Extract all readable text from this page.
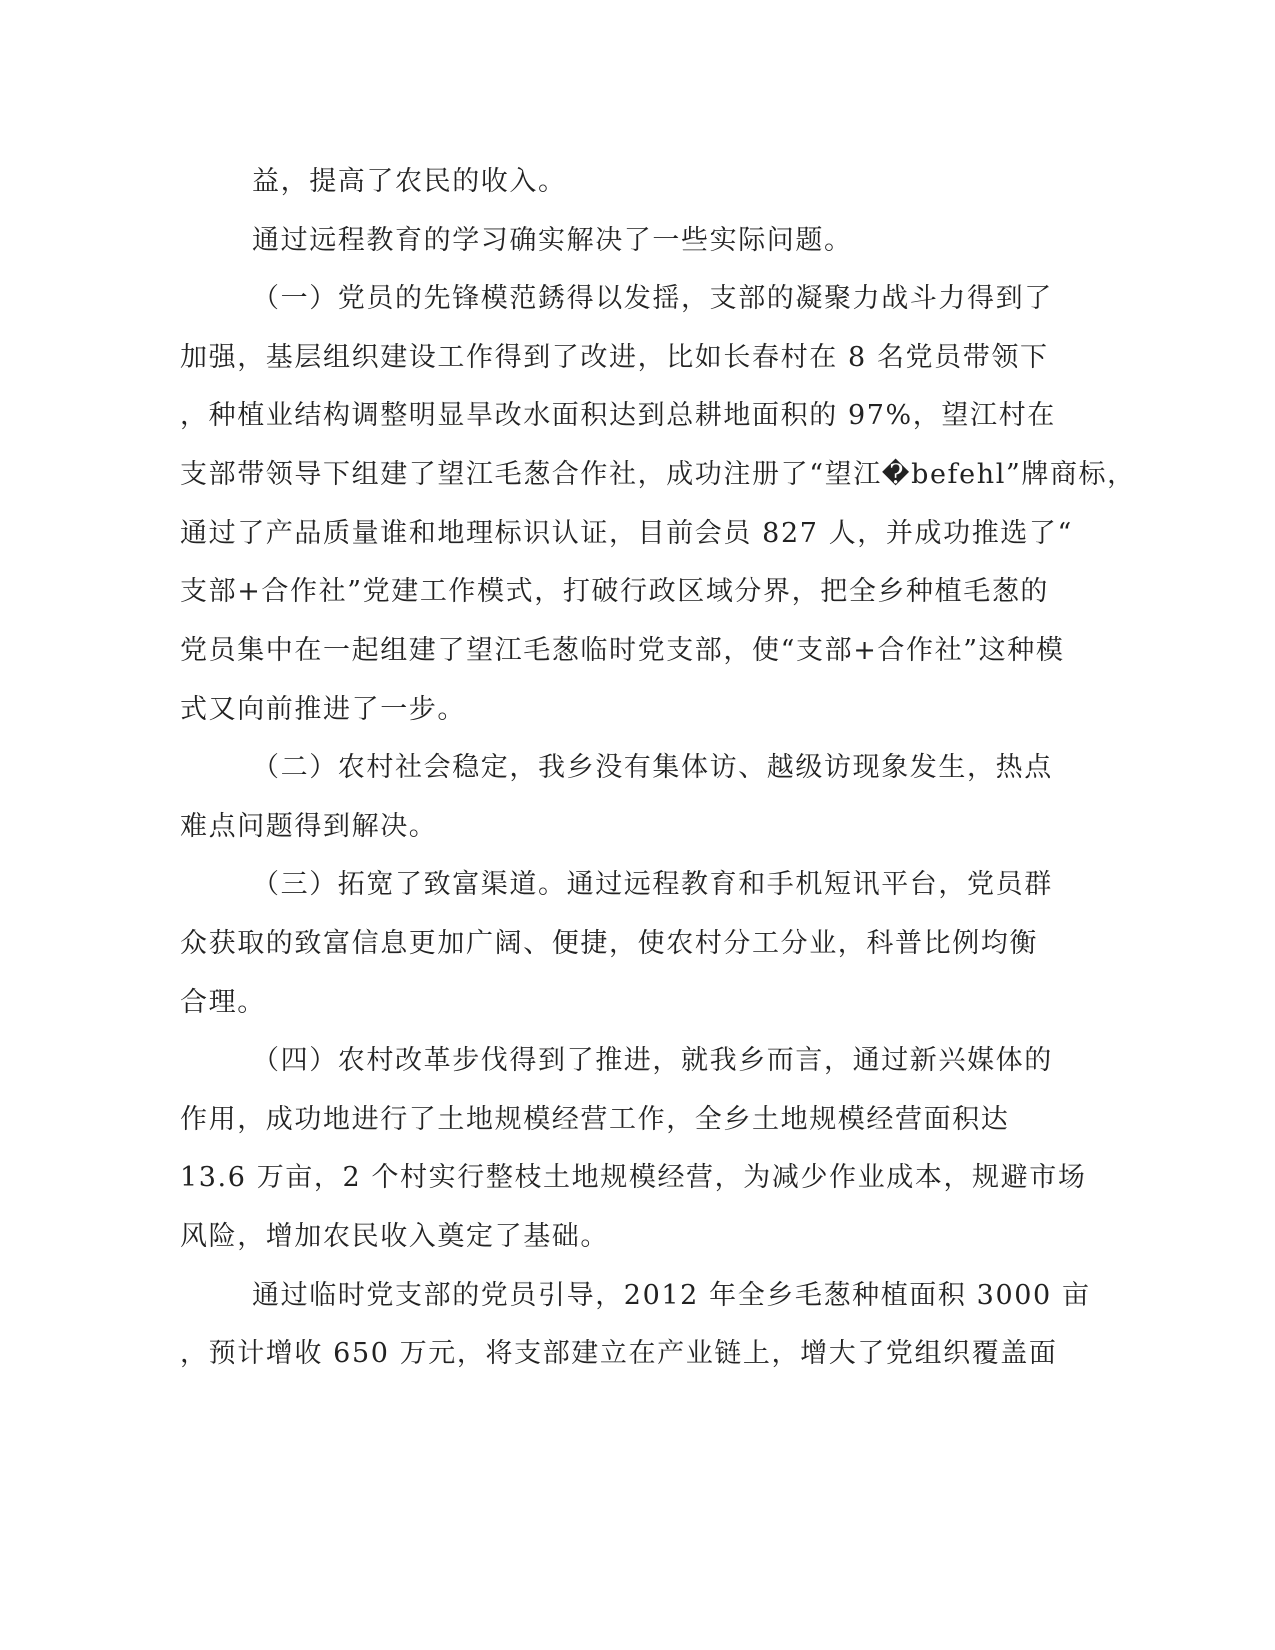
益，提高了农民的收入。
通过远程教育的学习确实解决了一些实际问题。
（一）党员的先锋模范銹得以发揺，支部的凝聚力战斗力得到了
加强，基层组织建设工作得到了改进，比如长春村在 8 名党员带领下
，种植业结构调整明显旱改水面积达到总耕地面积的 97%，望江村在
支部带领导下组建了望江毛葱合作社，成功注册了“望江�befehl”牌商标，
通过了产品质量谁和地理标识认证，目前会员 827 人，并成功推选了“
支部+合作社”党建工作模式，打破行政区域分界，把全乡种植毛葱的
党员集中在一起组建了望江毛葱临时党支部，使“支部+合作社”这种模
式又向前推进了一步。
（二）农村社会稳定，我乡没有集体访、越级访现象发生，热点
难点问题得到解决。
（三）拓宽了致富渠道。通过远程教育和手机短讯平台，党员群
众获取的致富信息更加广阔、便捷，使农村分工分业，科普比例均衡
合理。
（四）农村改革步伐得到了推进，就我乡而言，通过新兴媒体的
作用，成功地进行了土地规模经营工作，全乡土地规模经营面积达
13.6 万亩，2 个村实行整枝土地规模经营，为减少作业成本，规避市场
风险，增加农民收入奠定了基础。
通过临时党支部的党员引导，2012 年全乡毛葱种植面积 3000 亩
，预计增收 650 万元，将支部建立在产业链上，增大了党组织覆盖面
